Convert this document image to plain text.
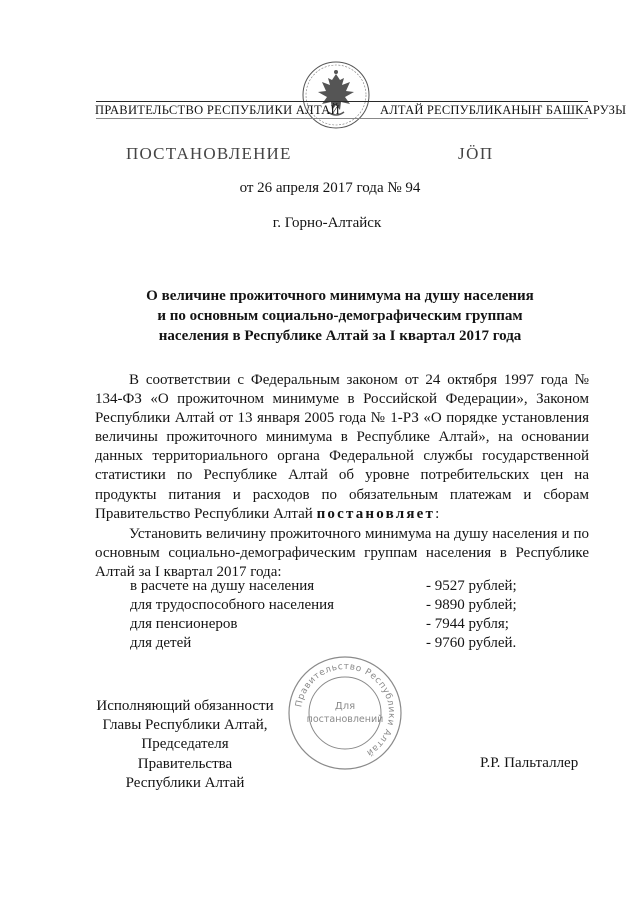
ПРАВИТЕЛЬСТВО РЕСПУБЛИКИ АЛТАЙ	АЛТАЙ РЕСПУБЛИКАНЫҤ БАШКАРУЗЫ
ПОСТАНОВЛЕНИЕ	JÖП
от 26 апреля 2017 года № 94
г. Горно-Алтайск
О величине прожиточного минимума на душу населения
и по основным социально-демографическим группам
населения в Республике Алтай за I квартал 2017 года
В соответствии с Федеральным законом от 24 октября 1997 года № 134-ФЗ «О прожиточном минимуме в Российской Федерации», Законом Республики Алтай от 13 января 2005 года № 1-РЗ «О порядке установления величины прожиточного минимума в Республике Алтай», на основании данных территориального органа Федеральной службы государственной статистики по Республике Алтай об уровне потребительских цен на продукты питания и расходов по обязательным платежам и сборам Правительство Республики Алтай постановляет:
Установить величину прожиточного минимума на душу населения и по основным социально-демографическим группам населения в Республике Алтай за I квартал 2017 года:
в расчете на душу населения	- 9527 рублей;
для трудоспособного населения	- 9890 рублей;
для пенсионеров	- 7944 рубля;
для детей	- 9760 рублей.
Исполняющий обязанности
Главы Республики Алтай,
Председателя Правительства
Республики Алтай
Правительство Республики Алтай
Для
постановлений
Р.Р. Пальталлер
